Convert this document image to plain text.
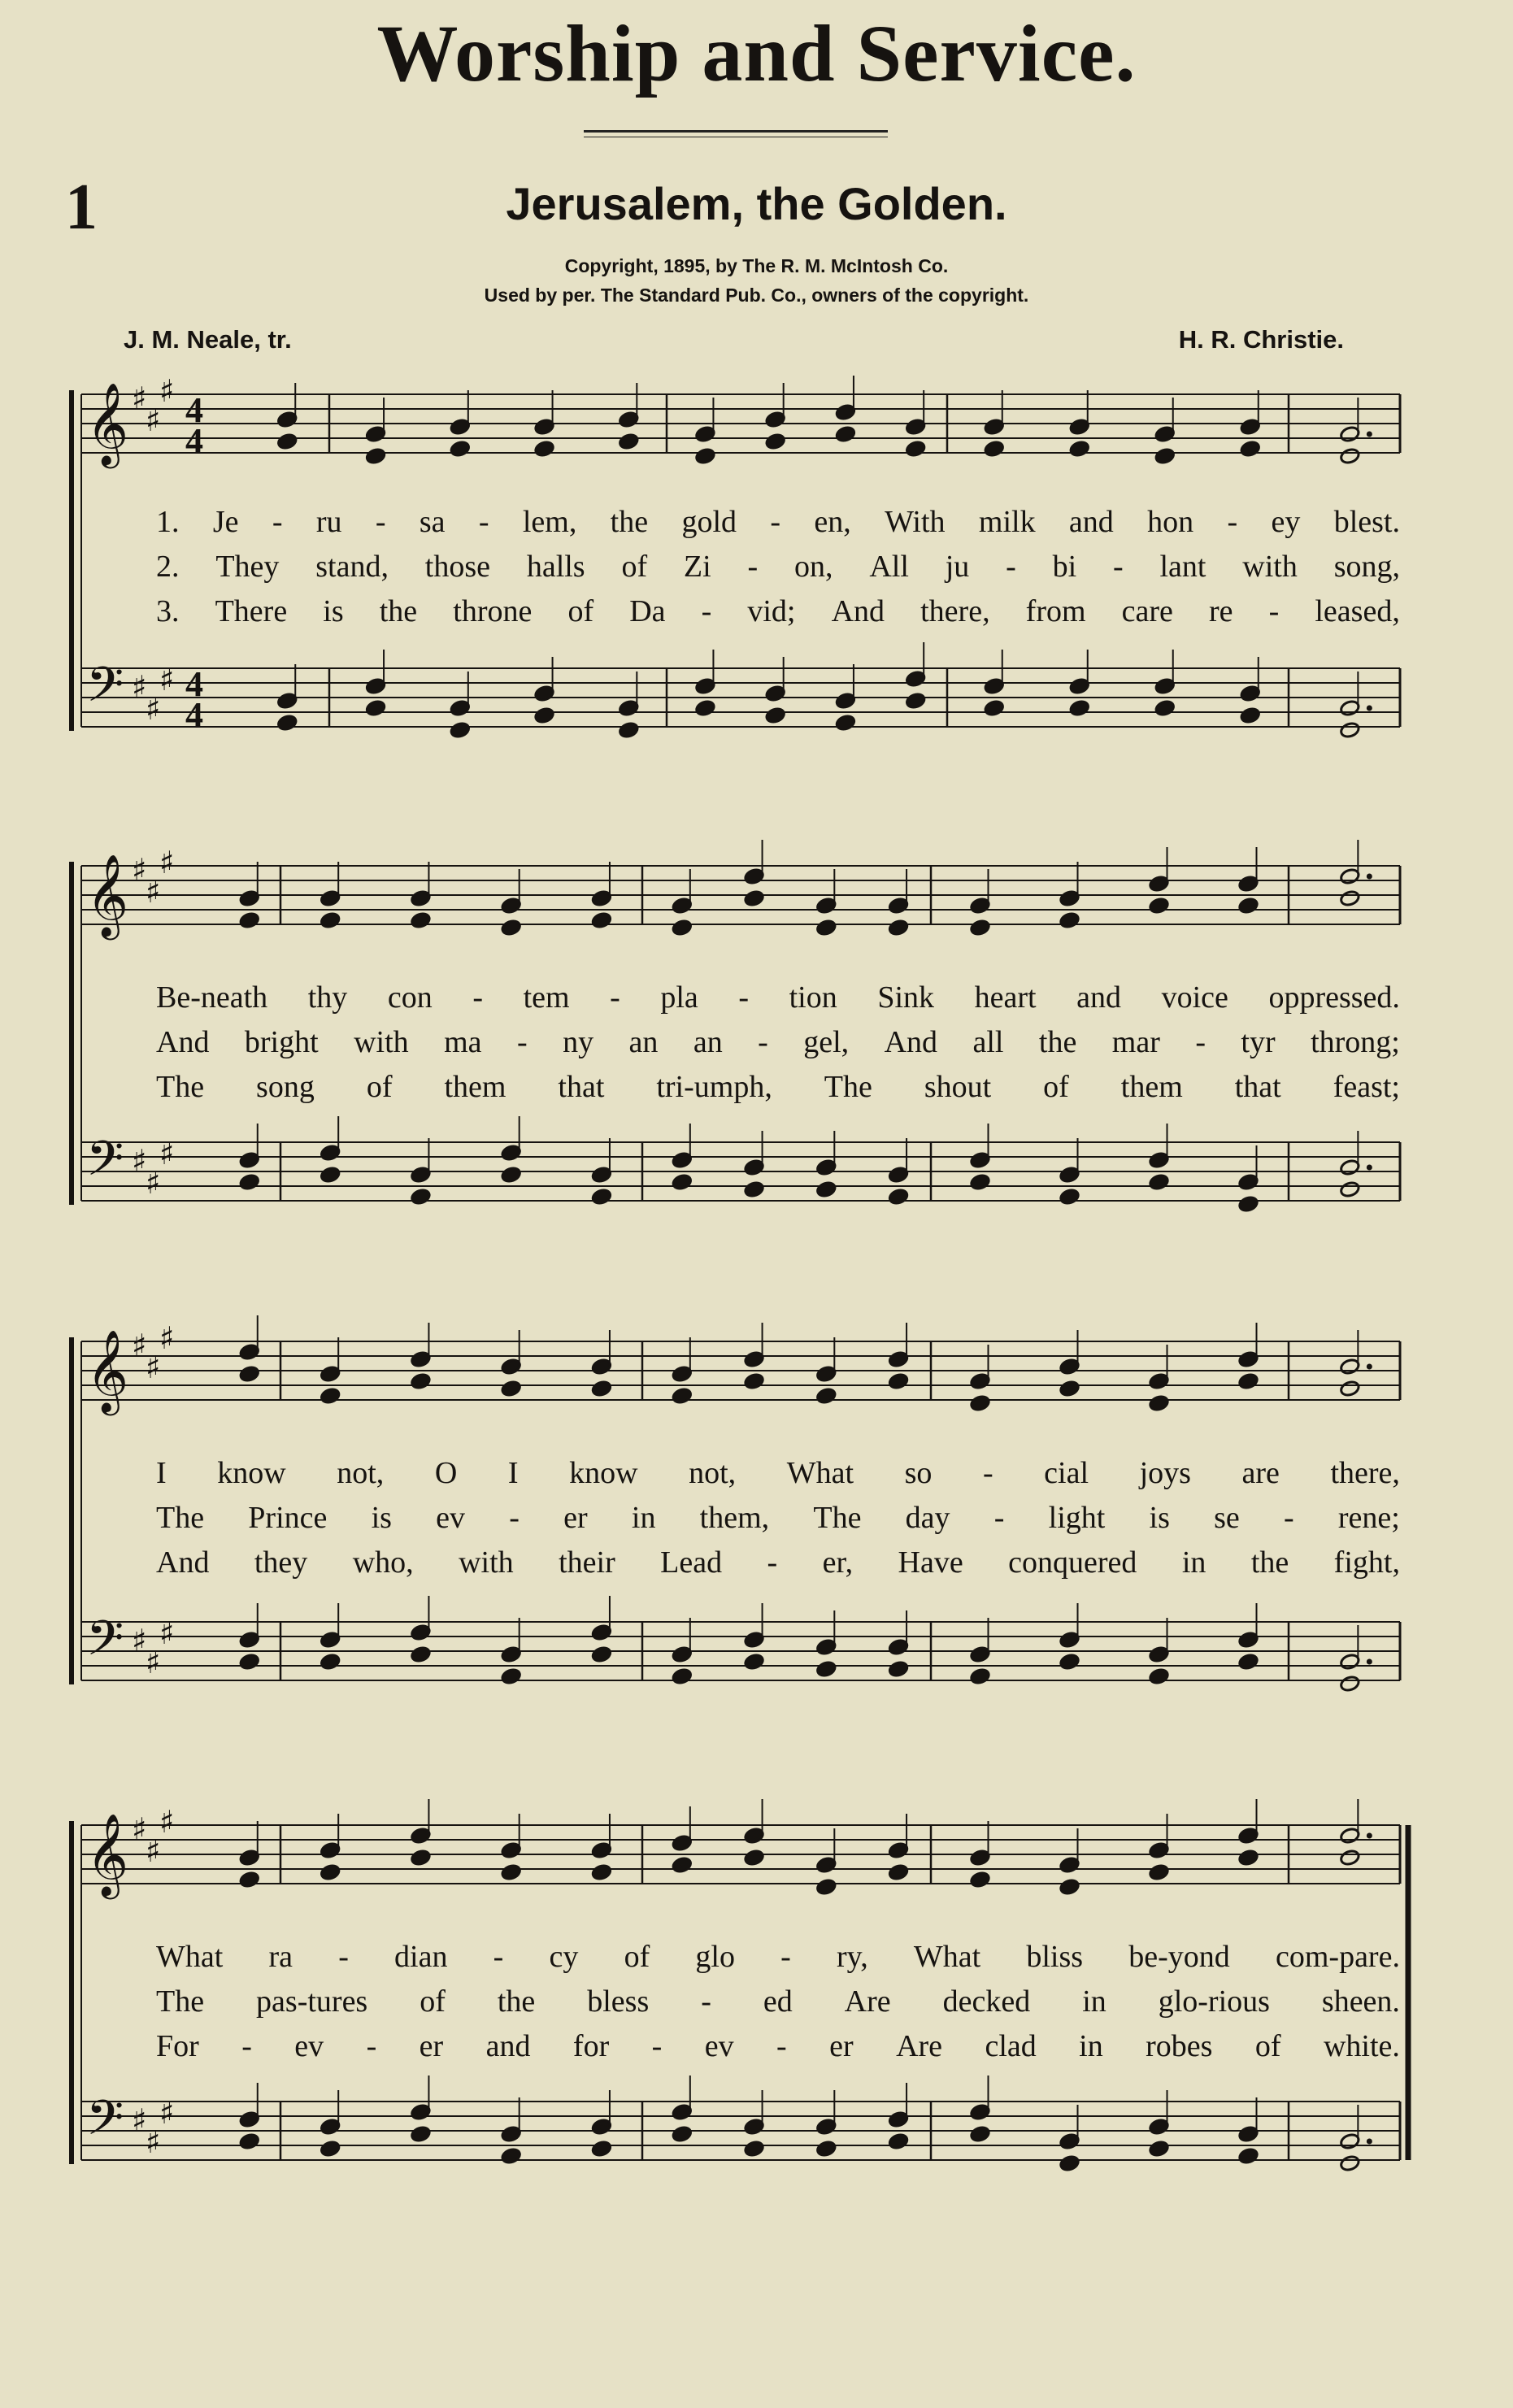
Worship and Service.
1	Jerusalem, the Golden.
Copyright, 1895, by The R. M. McIntosh Co.
Used by per. The Standard Pub. Co., owners of the copyright.
J. M. Neale, tr.	H. R. Christie.
𝄞 ♯
♯
♯ 4
4
𝄢 ♯
♯
♯ 4
4
𝄞 ♯
♯
♯
𝄢 ♯
♯
♯
𝄞 ♯
♯
♯
𝄢 ♯
♯
♯
𝄞 ♯
♯
♯
𝄢 ♯
♯
♯
1. Je - ru - sa - lem, the gold - en, With milk and hon - ey blest.
2. They stand, those halls of Zi - on, All ju - bi - lant with song,
3. There is the throne of Da - vid; And there, from care re - leased,
Be-neath thy con - tem - pla - tion Sink heart and voice oppressed.
And bright with ma - ny an an - gel, And all the mar - tyr throng;
The song of them that tri-umph, The shout of them that feast;
I know not, O I know not, What so - cial joys are there,
The Prince is ev - er in them, The day - light is se - rene;
And they who, with their Lead - er, Have conquered in the fight,
What ra - dian - cy of glo - ry, What bliss be-yond com-pare.
The pas-tures of the bless - ed Are decked in glo-rious sheen.
For - ev - er and for - ev - er Are clad in robes of white.
